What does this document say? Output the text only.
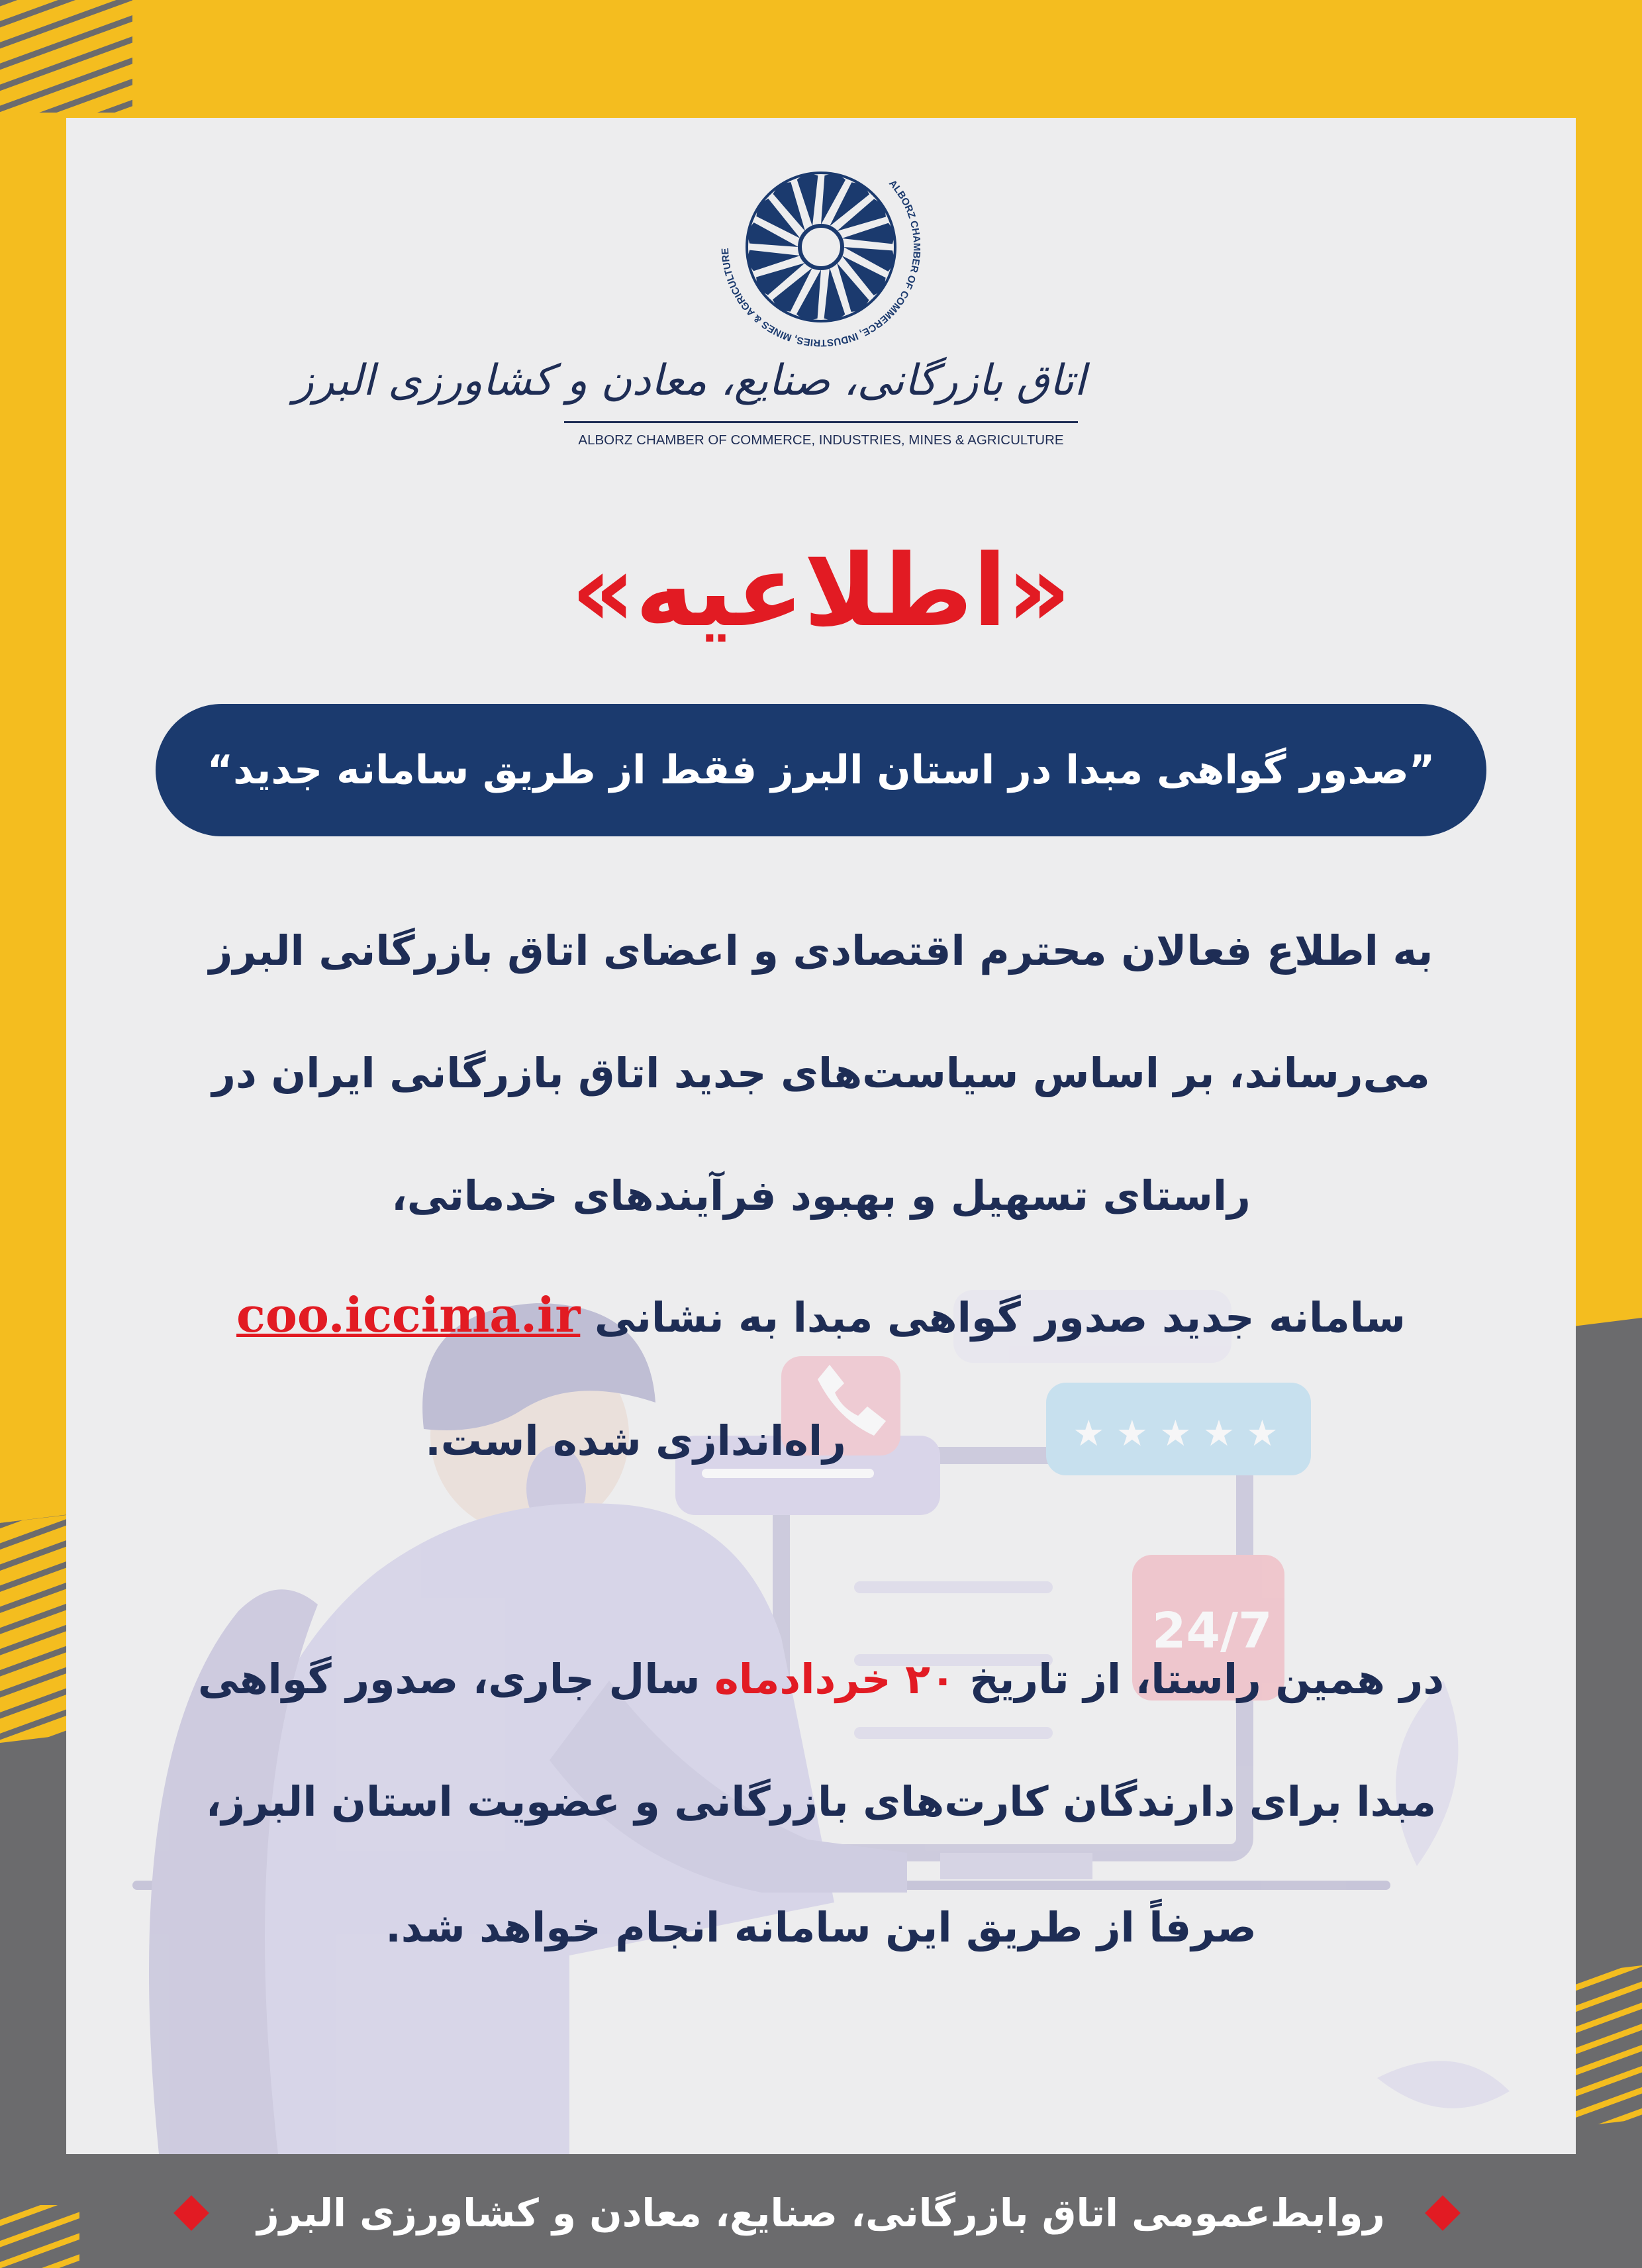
★ ★ ★ ★ ★
24/7
ALBORZ CHAMBER OF COMMERCE, INDUSTRIES, MINES & AGRICULTURE
اتاق بازرگانی، صنایع، معادن و کشاورزی البرز
ALBORZ CHAMBER OF COMMERCE, INDUSTRIES, MINES & AGRICULTURE
«اطلاعیه»
”صدور گواهی مبدا در استان البرز فقط از طریق سامانه جدید“
به اطلاع فعالان محترم اقتصادی و اعضای اتاق بازرگانی البرز
می‌رساند، بر اساس سیاست‌های جدید اتاق بازرگانی ایران در
راستای تسهیل و بهبود فرآیندهای خدماتی،
سامانه جدید صدور گواهی مبدا به نشانی coo.iccima.ir
راه‌اندازی شده است.
در همین راستا، از تاریخ ۲۰ خردادماه سال جاری، صدور گواهی
مبدا برای دارندگان کارت‌های بازرگانی و عضویت استان البرز،
صرفاً از طریق این سامانه انجام خواهد شد.
روابط‌عمومی اتاق بازرگانی، صنایع، معادن و کشاورزی البرز
